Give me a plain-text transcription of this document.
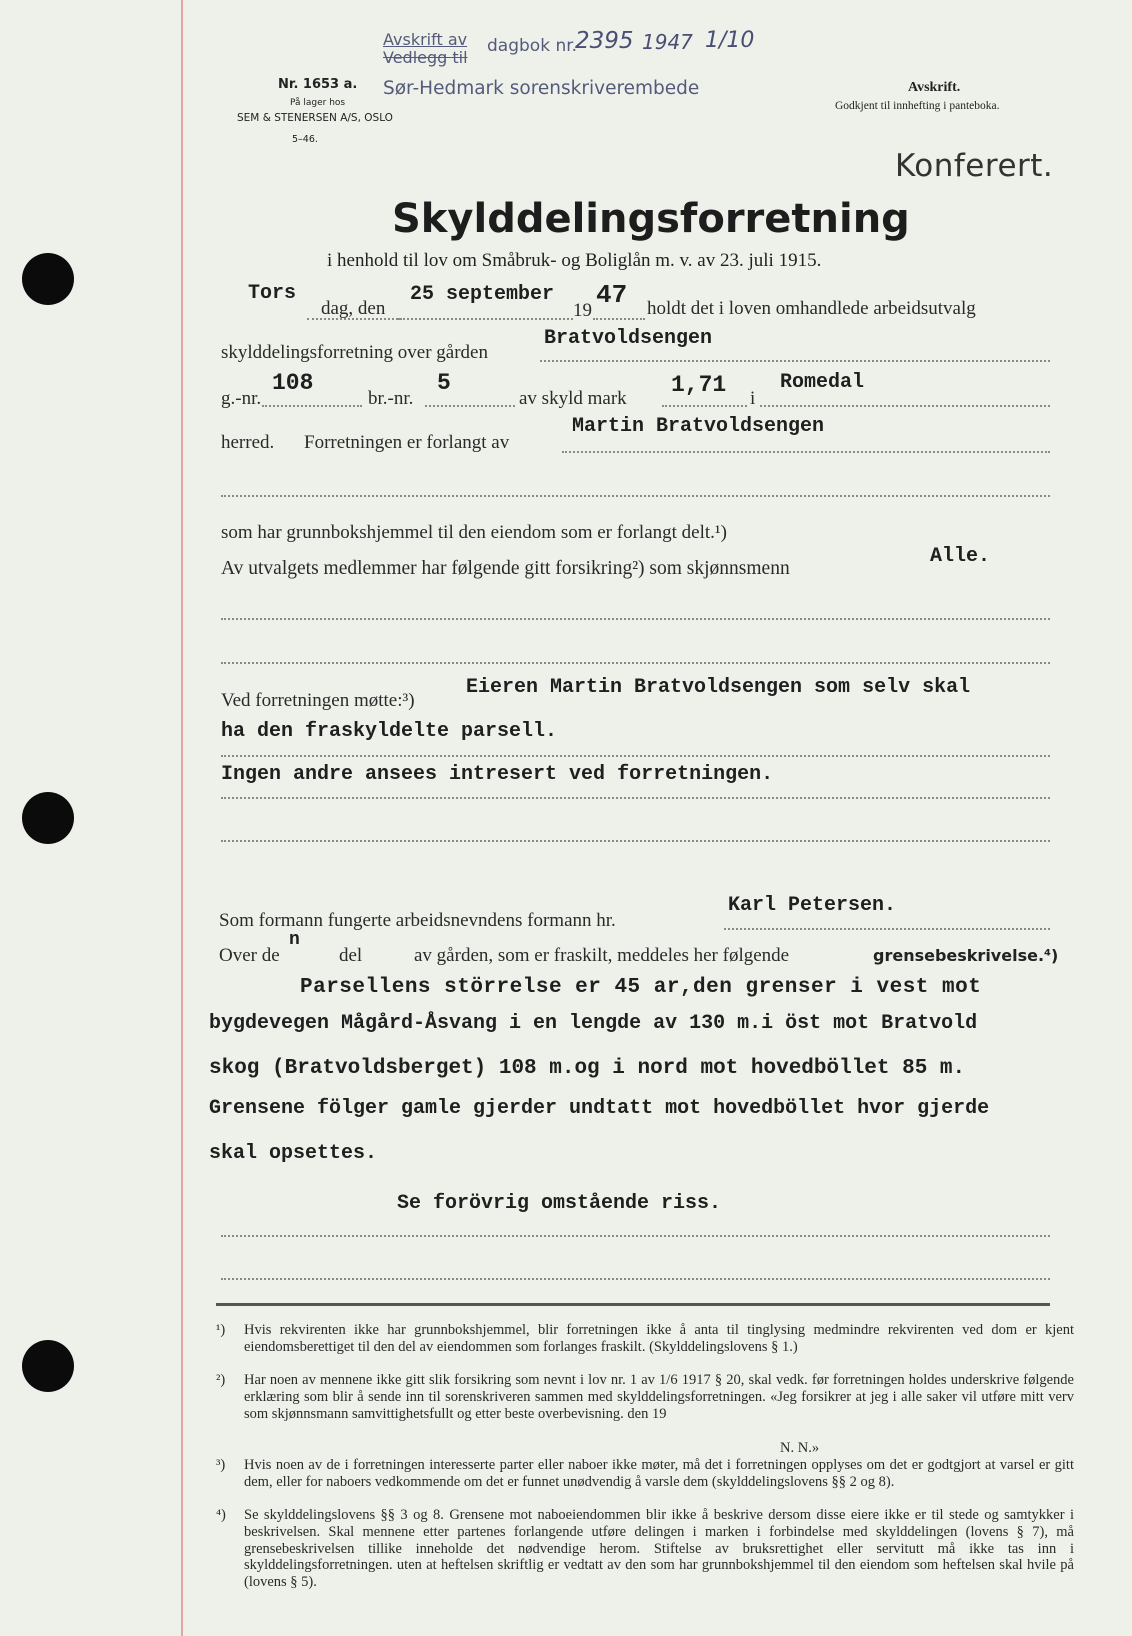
Avskrift av
Vedlegg til
dagbok nr.
2395 1947 1/10
Sør-Hedmark sorenskriverembede
Nr. 1653 a.
På lager hos
SEM & STENERSEN A/S, OSLO
5–46.
Avskrift.
Godkjent til innhefting i panteboka.
Konferert.
Skylddelingsforretning
i henhold til lov om Småbruk- og Boliglån m. v. av 23. juli 1915.
Tors
dag, den
25 september
19
47 holdt det i loven omhandlede arbeidsutvalg
skylddelingsforretning over gården
Bratvoldsengen
g.-nr.
108
br.-nr.
5
av skyld mark
1,71
i
Romedal
herred. Forretningen er forlangt av
Martin Bratvoldsengen
som har grunnbokshjemmel til den eiendom som er forlangt delt.¹)
Av utvalgets medlemmer har følgende gitt forsikring²) som skjønnsmenn
Alle.
Ved forretningen møtte:³)
Eieren Martin Bratvoldsengen som selv skal
ha den fraskyldelte parsell.
Ingen andre ansees intresert ved forretningen.
Som formann fungerte arbeidsnevndens formann hr.
Karl Petersen.
Over de
n
del	av gården, som er fraskilt, meddeles her følgende	grensebeskrivelse.⁴)
Parsellens störrelse er 45 ar,den grenser i vest mot
bygdevegen Mågård-Åsvang i en lengde av 130 m.i öst mot Bratvold
skog (Bratvoldsberget) 108 m.og i nord mot hovedböllet 85 m.
Grensene fölger gamle gjerder undtatt mot hovedböllet hvor gjerde
skal opsettes.
Se forövrig omstående riss.
¹) Hvis rekvirenten ikke har grunnbokshjemmel, blir forretningen ikke å anta til tinglysing medmindre rekvirenten ved dom er kjent eiendomsberettiget til den del av eiendommen som forlanges fraskilt. (Skylddelingslovens § 1.)
²) Har noen av mennene ikke gitt slik forsikring som nevnt i lov nr. 1 av 1/6 1917 § 20, skal vedk. før forretningen holdes underskrive følgende erklæring som blir å sende inn til sorenskriveren sammen med skylddelingsforretningen. «Jeg forsikrer at jeg i alle saker vil utføre mitt verv som skjønnsmann samvittighetsfullt og etter beste overbevisning. den 19
N. N.»
³) Hvis noen av de i forretningen interesserte parter eller naboer ikke møter, må det i forretningen opplyses om det er godtgjort at varsel er gitt dem, eller for naboers vedkommende om det er funnet unødvendig å varsle dem (skylddelingslovens §§ 2 og 8).
⁴) Se skylddelingslovens §§ 3 og 8. Grensene mot naboeiendommen blir ikke å beskrive dersom disse eiere ikke er til stede og samtykker i beskrivelsen. Skal mennene etter partenes forlangende utføre delingen i marken i forbindelse med skylddelingen (lovens § 7), må grensebeskrivelsen tillike inneholde det nødvendige herom. Stiftelse av bruksrettighet eller servitutt må ikke tas inn i skylddelingsforretningen. uten at heftelsen skriftlig er vedtatt av den som har grunnbokshjemmel til den eiendom som heftelsen skal hvile på (lovens § 5).
